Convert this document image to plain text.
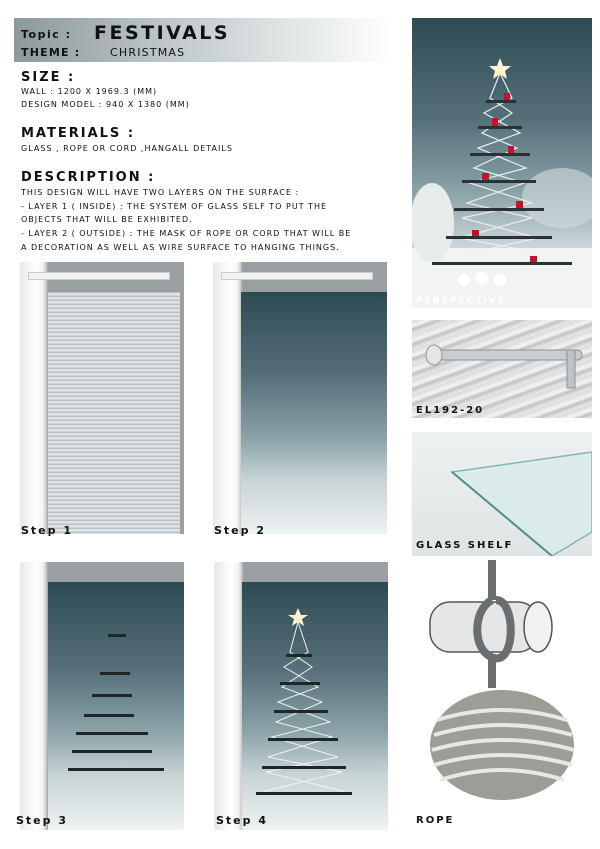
Topic : FESTIVALS
THEME :	CHRISTMAS
SIZE :
WALL : 1200 X 1969.3 (MM)
DESIGN MODEL : 940 X 1380 (MM)
MATERIALS :
GLASS , ROPE OR CORD ,HANGALL DETAILS
DESCRIPTION :
THIS DESIGN WILL HAVE TWO LAYERS ON THE SURFACE :
- LAYER 1 ( INSIDE) : THE SYSTEM OF GLASS SELF TO PUT THE
OBJECTS THAT WILL BE EXHIBITED.
- LAYER 2 ( OUTSIDE) : THE MASK OF ROPE OR CORD THAT WILL BE
A DECORATION AS WELL AS WIRE SURFACE TO HANGING THINGS.
PERSPECTIVE
EL192-20
GLASS SHELF
ROPE
Step 1	Step 2
Step 3	Step 4
